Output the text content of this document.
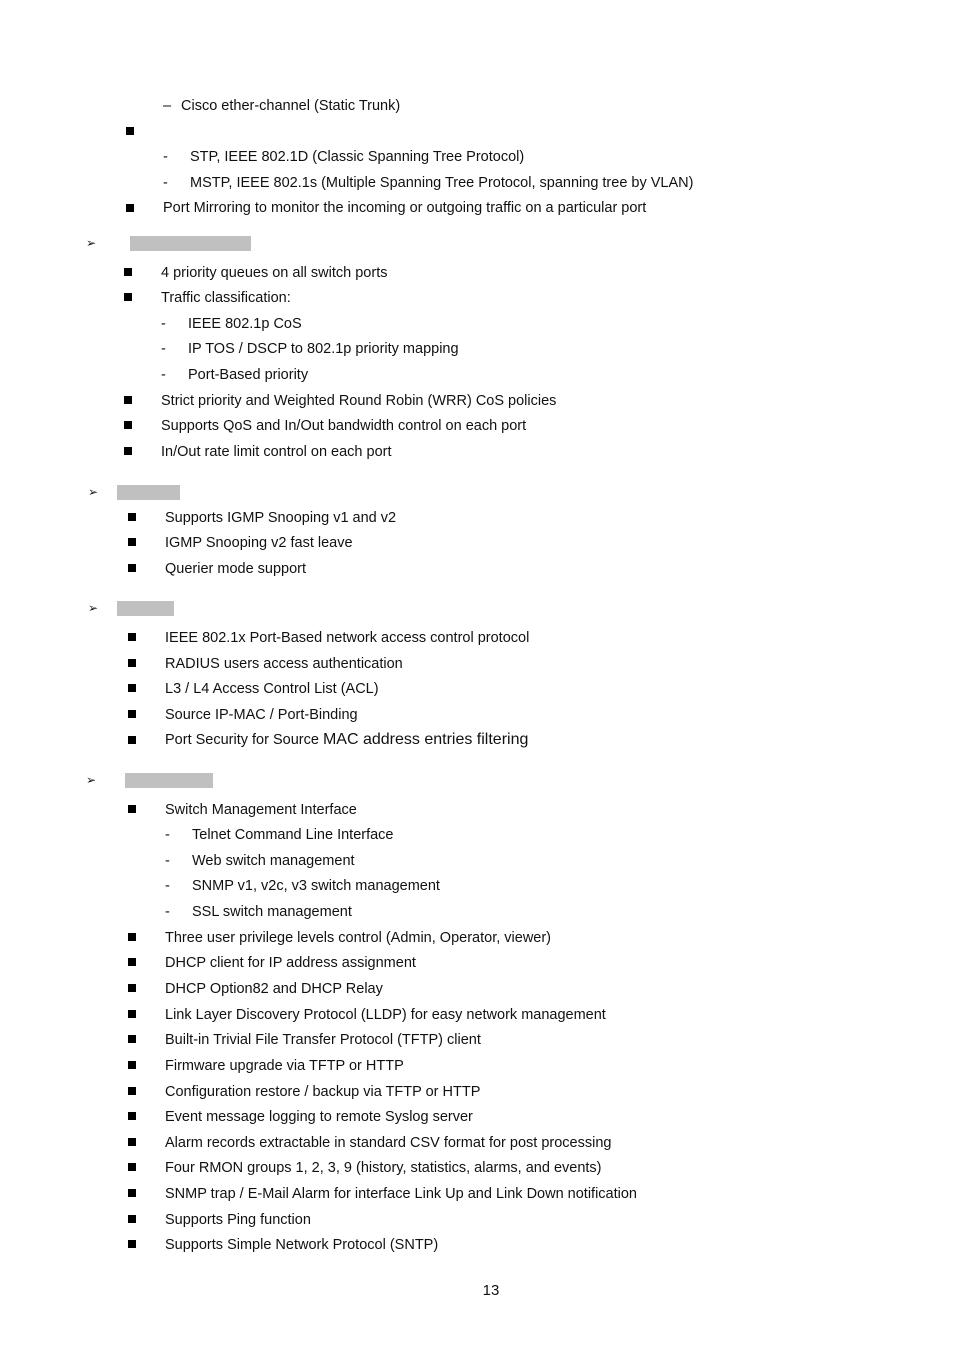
– Cisco ether-channel (Static Trunk)
- STP, IEEE 802.1D (Classic Spanning Tree Protocol)
- MSTP, IEEE 802.1s (Multiple Spanning Tree Protocol, spanning tree by VLAN)
Port Mirroring to monitor the incoming or outgoing traffic on a particular port
➢
4 priority queues on all switch ports
Traffic classification:
- IEEE 802.1p CoS
- IP TOS / DSCP to 802.1p priority mapping
- Port-Based priority
Strict priority and Weighted Round Robin (WRR) CoS policies
Supports QoS and In/Out bandwidth control on each port
In/Out rate limit control on each port
➢
Supports IGMP Snooping v1 and v2
IGMP Snooping v2 fast leave
Querier mode support
➢
IEEE 802.1x Port-Based network access control protocol
RADIUS users access authentication
L3 / L4 Access Control List (ACL)
Source IP-MAC / Port-Binding
Port Security for Source MAC address entries filtering
➢
Switch Management Interface
- Telnet Command Line Interface
- Web switch management
- SNMP v1, v2c, v3 switch management
- SSL switch management
Three user privilege levels control (Admin, Operator, viewer)
DHCP client for IP address assignment
DHCP Option82 and DHCP Relay
Link Layer Discovery Protocol (LLDP) for easy network management
Built-in Trivial File Transfer Protocol (TFTP) client
Firmware upgrade via TFTP or HTTP
Configuration restore / backup via TFTP or HTTP
Event message logging to remote Syslog server
Alarm records extractable in standard CSV format for post processing
Four RMON groups 1, 2, 3, 9 (history, statistics, alarms, and events)
SNMP trap / E-Mail Alarm for interface Link Up and Link Down notification
Supports Ping function
Supports Simple Network Protocol (SNTP)
13
